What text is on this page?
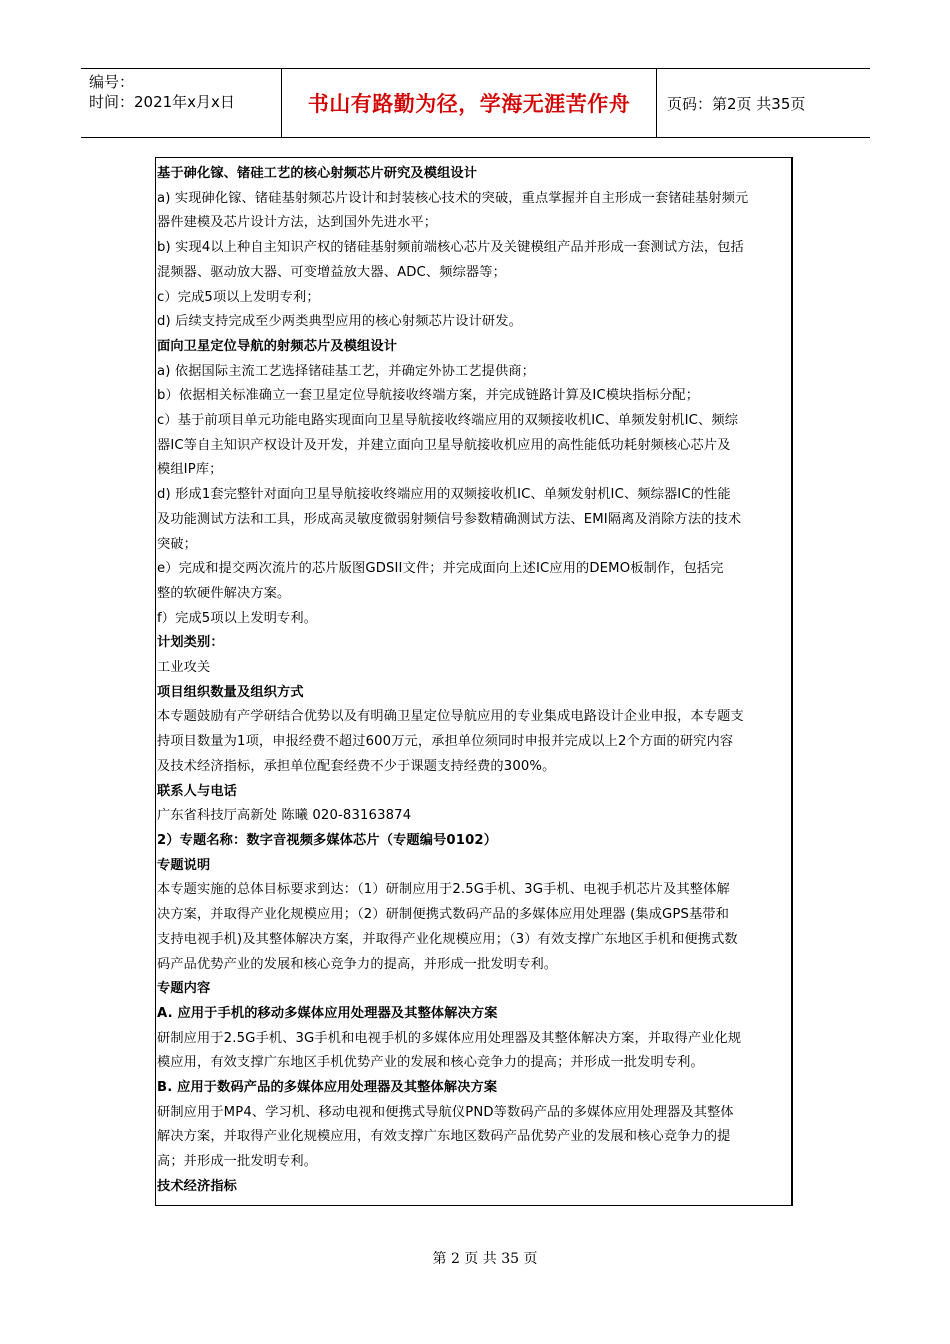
编号：
时间：2021年x月x日	书山有路勤为径，学海无涯苦作舟	页码：第2页 共35页

基于砷化镓、锗硅工艺的核心射频芯片研究及模组设计

a) 实现砷化镓、锗硅基射频芯片设计和封装核心技术的突破，重点掌握并自主形成一套锗硅基射频元

器件建模及芯片设计方法，达到国外先进水平；

b) 实现4以上种自主知识产权的锗硅基射频前端核心芯片及关键模组产品并形成一套测试方法，包括

混频器、驱动放大器、可变增益放大器、ADC、频综器等；

c）完成5项以上发明专利；

d) 后续支持完成至少两类典型应用的核心射频芯片设计研发。

面向卫星定位导航的射频芯片及模组设计

a) 依据国际主流工艺选择锗硅基工艺，并确定外协工艺提供商；

b）依据相关标准确立一套卫星定位导航接收终端方案，并完成链路计算及IC模块指标分配；

c）基于前项目单元功能电路实现面向卫星导航接收终端应用的双频接收机IC、单频发射机IC、频综

器IC等自主知识产权设计及开发，并建立面向卫星导航接收机应用的高性能低功耗射频核心芯片及

模组IP库；

d) 形成1套完整针对面向卫星导航接收终端应用的双频接收机IC、单频发射机IC、频综器IC的性能

及功能测试方法和工具，形成高灵敏度微弱射频信号参数精确测试方法、EMI隔离及消除方法的技术

突破；

e）完成和提交两次流片的芯片版图GDSII文件；并完成面向上述IC应用的DEMO板制作，包括完

整的软硬件解决方案。

f）完成5项以上发明专利。

计划类别：

工业攻关

项目组织数量及组织方式

本专题鼓励有产学研结合优势以及有明确卫星定位导航应用的专业集成电路设计企业申报，本专题支

持项目数量为1项，申报经费不超过600万元，承担单位须同时申报并完成以上2个方面的研究内容

及技术经济指标，承担单位配套经费不少于课题支持经费的300%。

联系人与电话

广东省科技厅高新处 陈曦 020-83163874

2）专题名称：数字音视频多媒体芯片（专题编号0102）

专题说明

本专题实施的总体目标要求到达：（1）研制应用于2.5G手机、3G手机、电视手机芯片及其整体解

决方案，并取得产业化规模应用；（2）研制便携式数码产品的多媒体应用处理器 (集成GPS基带和

支持电视手机)及其整体解决方案，并取得产业化规模应用；（3）有效支撑广东地区手机和便携式数

码产品优势产业的发展和核心竞争力的提高，并形成一批发明专利。

专题内容

A. 应用于手机的移动多媒体应用处理器及其整体解决方案

研制应用于2.5G手机、3G手机和电视手机的多媒体应用处理器及其整体解决方案，并取得产业化规

模应用，有效支撑广东地区手机优势产业的发展和核心竞争力的提高；并形成一批发明专利。

B. 应用于数码产品的多媒体应用处理器及其整体解决方案

研制应用于MP4、学习机、移动电视和便携式导航仪PND等数码产品的多媒体应用处理器及其整体

解决方案，并取得产业化规模应用，有效支撑广东地区数码产品优势产业的发展和核心竞争力的提

高；并形成一批发明专利。

技术经济指标

第 2 页 共 35 页
